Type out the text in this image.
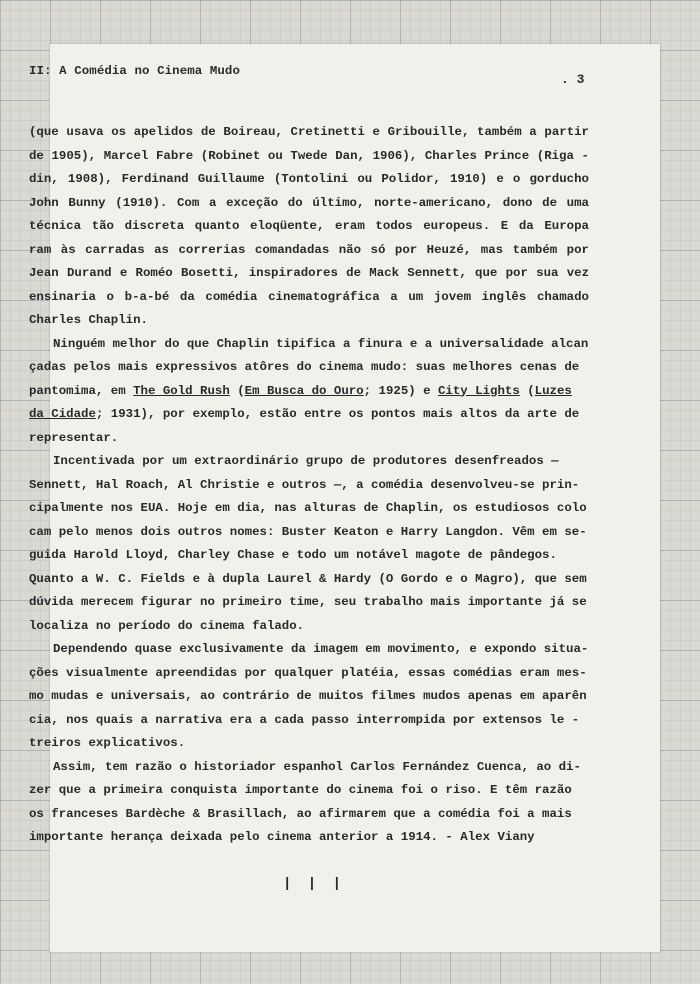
II: A Comédia no Cinema Mudo
. 3
(que usava os apelidos de Boireau, Cretinetti e Gribouille, também a partir
de 1905), Marcel Fabre (Robinet ou Twede Dan, 1906), Charles Prince (Riga -
din, 1908), Ferdinand Guillaume (Tontolini ou Polidor, 1910) e o gorducho
John Bunny (1910). Com a exceção do último, norte-americano, dono de uma
técnica tão discreta quanto eloqüente, eram todos europeus. E da Europa
ram às carradas as correrias comandadas não só por Heuzé, mas também por
Jean Durand e Roméo Bosetti, inspiradores de Mack Sennett, que por sua vez
ensinaria o b-a-bé da comédia cinematográfica a um jovem inglês chamado
Charles Chaplin.
Ninguém melhor do que Chaplin tipifica a finura e a universalidade alcan
çadas pelos mais expressivos atôres do cinema mudo: suas melhores cenas de
pantomima, em The Gold Rush (Em Busca do Ouro; 1925) e City Lights (Luzes
da Cidade; 1931), por exemplo, estão entre os pontos mais altos da arte de
representar.
Incentivada por um extraordinário grupo de produtores desenfreados —
Sennett, Hal Roach, Al Christie e outros —, a comédia desenvolveu-se prin-
cipalmente nos EUA. Hoje em dia, nas alturas de Chaplin, os estudiosos colo
cam pelo menos dois outros nomes: Buster Keaton e Harry Langdon. Vêm em se-
guida Harold Lloyd, Charley Chase e todo um notável magote de pândegos.
Quanto a W. C. Fields e à dupla Laurel & Hardy (O Gordo e o Magro), que sem
dúvida merecem figurar no primeiro time, seu trabalho mais importante já se
localiza no período do cinema falado.
Dependendo quase exclusivamente da imagem em movimento, e expondo situa-
ções visualmente apreendidas por qualquer platéia, essas comédias eram mes-
mo mudas e universais, ao contrário de muitos filmes mudos apenas em aparên
cia, nos quais a narrativa era a cada passo interrompida por extensos le -
treiros explicativos.
Assim, tem razão o historiador espanhol Carlos Fernández Cuenca, ao di-
zer que a primeira conquista importante do cinema foi o riso. E têm razão
os franceses Bardèche & Brasillach, ao afirmarem que a comédia foi a mais
importante herança deixada pelo cinema anterior a 1914. - Alex Viany
| | |
